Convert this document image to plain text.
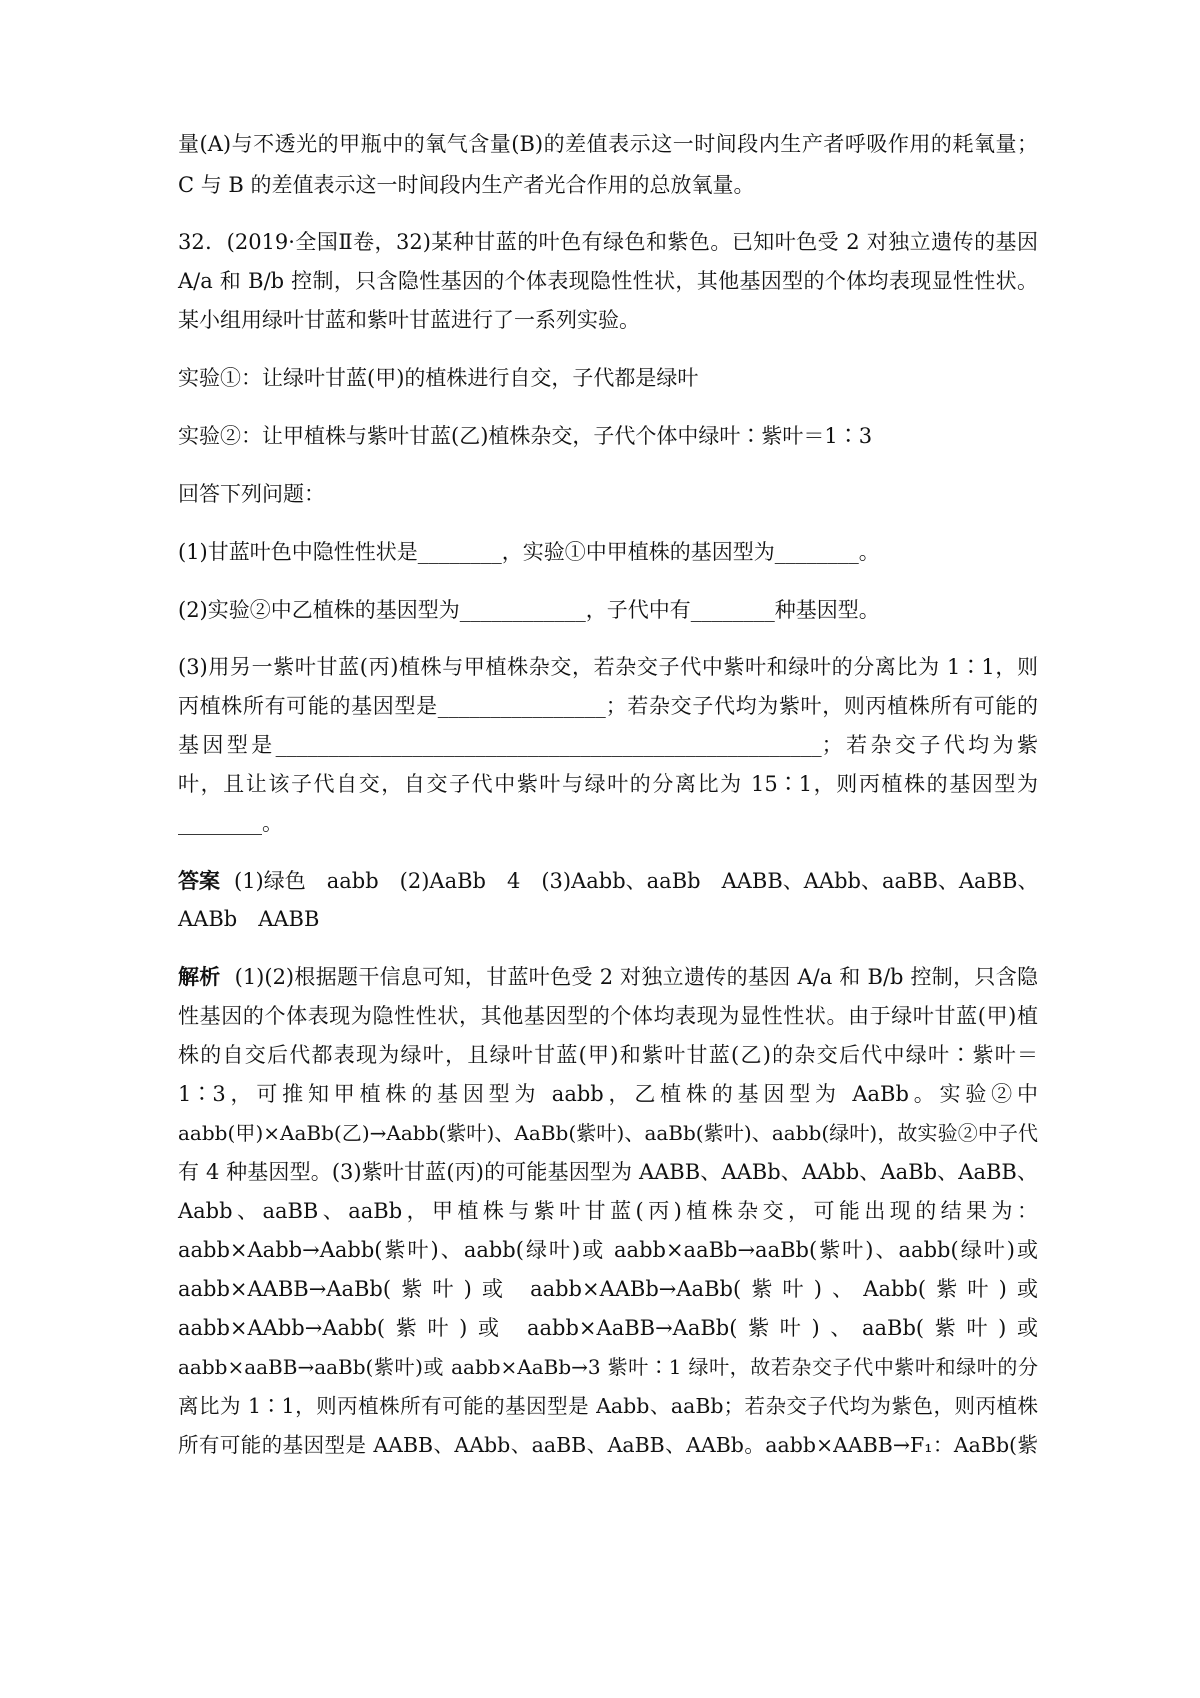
量(A)与不透光的甲瓶中的氧气含量(B)的差值表示这一时间段内生产者呼吸作用的耗氧量；
C 与 B 的差值表示这一时间段内生产者光合作用的总放氧量。
32．(2019·全国Ⅱ卷，32)某种甘蓝的叶色有绿色和紫色。已知叶色受 2 对独立遗传的基因
A/a 和 B/b 控制，只含隐性基因的个体表现隐性性状，其他基因型的个体均表现显性性状。
某小组用绿叶甘蓝和紫叶甘蓝进行了一系列实验。
实验①：让绿叶甘蓝(甲)的植株进行自交，子代都是绿叶
实验②：让甲植株与紫叶甘蓝(乙)植株杂交，子代个体中绿叶∶紫叶＝1∶3
回答下列问题：
(1)甘蓝叶色中隐性性状是________，实验①中甲植株的基因型为________。
(2)实验②中乙植株的基因型为____________，子代中有________种基因型。
(3)用另一紫叶甘蓝(丙)植株与甲植株杂交，若杂交子代中紫叶和绿叶的分离比为 1∶1，则
丙植株所有可能的基因型是________________；若杂交子代均为紫叶，则丙植株所有可能的
基因型是____________________________________________________；若杂交子代均为紫
叶，且让该子代自交，自交子代中紫叶与绿叶的分离比为 15∶1，则丙植株的基因型为
________。
答案 (1)绿色　aabb　(2)AaBb　4　(3)Aabb、aaBb　AABB、AAbb、aaBB、AaBB、
AABb　AABB
解析 (1)(2)根据题干信息可知，甘蓝叶色受 2 对独立遗传的基因 A/a 和 B/b 控制，只含隐
性基因的个体表现为隐性性状，其他基因型的个体均表现为显性性状。由于绿叶甘蓝(甲)植
株的自交后代都表现为绿叶，且绿叶甘蓝(甲)和紫叶甘蓝(乙)的杂交后代中绿叶∶紫叶＝
1∶3，可推知甲植株的基因型为 aabb，乙植株的基因型为 AaBb。实验②中
aabb(甲)×AaBb(乙)→Aabb(紫叶)、AaBb(紫叶)、aaBb(紫叶)、aabb(绿叶)，故实验②中子代
有 4 种基因型。(3)紫叶甘蓝(丙)的可能基因型为 AABB、AABb、AAbb、AaBb、AaBB、
Aabb、aaBB、aaBb，甲植株与紫叶甘蓝(丙)植株杂交，可能出现的结果为：
aabb×Aabb→Aabb(紫叶)、aabb(绿叶)或 aabb×aaBb→aaBb(紫叶)、aabb(绿叶)或
aabb×AABB→AaBb(紫叶)或 aabb×AABb→AaBb(紫叶)、Aabb(紫叶)或
aabb×AAbb→Aabb(紫叶)或 aabb×AaBB→AaBb(紫叶)、aaBb(紫叶)或
aabb×aaBB→aaBb(紫叶)或 aabb×AaBb→3 紫叶∶1 绿叶，故若杂交子代中紫叶和绿叶的分
离比为 1∶1，则丙植株所有可能的基因型是 Aabb、aaBb；若杂交子代均为紫色，则丙植株
所有可能的基因型是 AABB、AAbb、aaBB、AaBB、AABb。aabb×AABB→F₁：AaBb(紫
